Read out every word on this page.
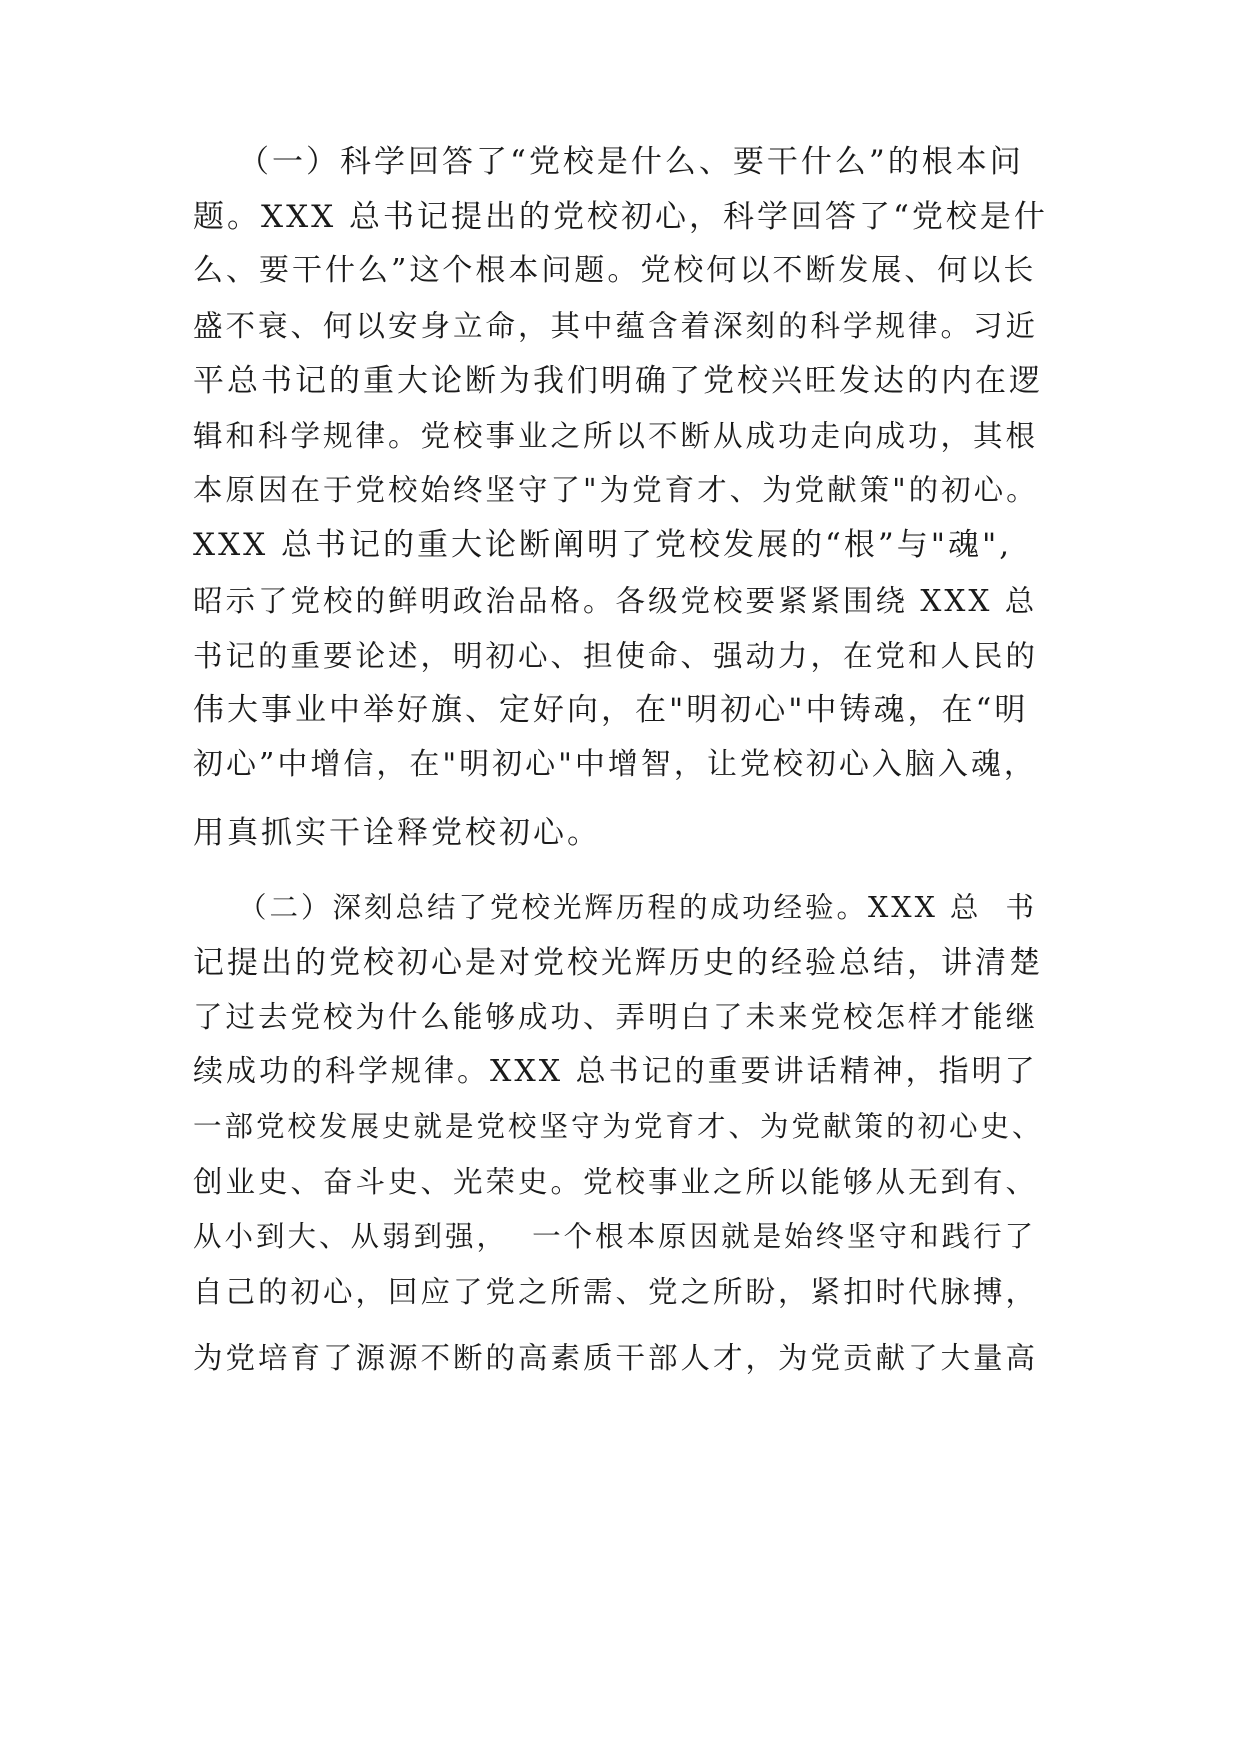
（一）科学回答了“党校是什么、要干什么”的根本问
题。XXX 总书记提出的党校初心，科学回答了“党校是什
么、要干什么”这个根本问题。党校何以不断发展、何以长
盛不衰、何以安身立命，其中蕴含着深刻的科学规律。习近
平总书记的重大论断为我们明确了党校兴旺发达的内在逻
辑和科学规律。党校事业之所以不断从成功走向成功，其根
本原因在于党校始终坚守了"为党育才、为党献策"的初心。
XXX 总书记的重大论断阐明了党校发展的“根”与"魂",
昭示了党校的鲜明政治品格。各级党校要紧紧围绕 XXX 总
书记的重要论述，明初心、担使命、强动力，在党和人民的
伟大事业中举好旗、定好向，在"明初心"中铸魂，在“明
初心”中增信，在"明初心"中增智，让党校初心入脑入魂，
用真抓实干诠释党校初心。
（二）深刻总结了党校光辉历程的成功经验。XXX 总  书
记提出的党校初心是对党校光辉历史的经验总结，讲清楚
了过去党校为什么能够成功、弄明白了未来党校怎样才能继
续成功的科学规律。XXX 总书记的重要讲话精神，指明了
一部党校发展史就是党校坚守为党育才、为党献策的初心史、
创业史、奋斗史、光荣史。党校事业之所以能够从无到有、
从小到大、从弱到强，  一个根本原因就是始终坚守和践行了
自己的初心，回应了党之所需、党之所盼，紧扣时代脉搏，
为党培育了源源不断的高素质干部人才，为党贡献了大量高
